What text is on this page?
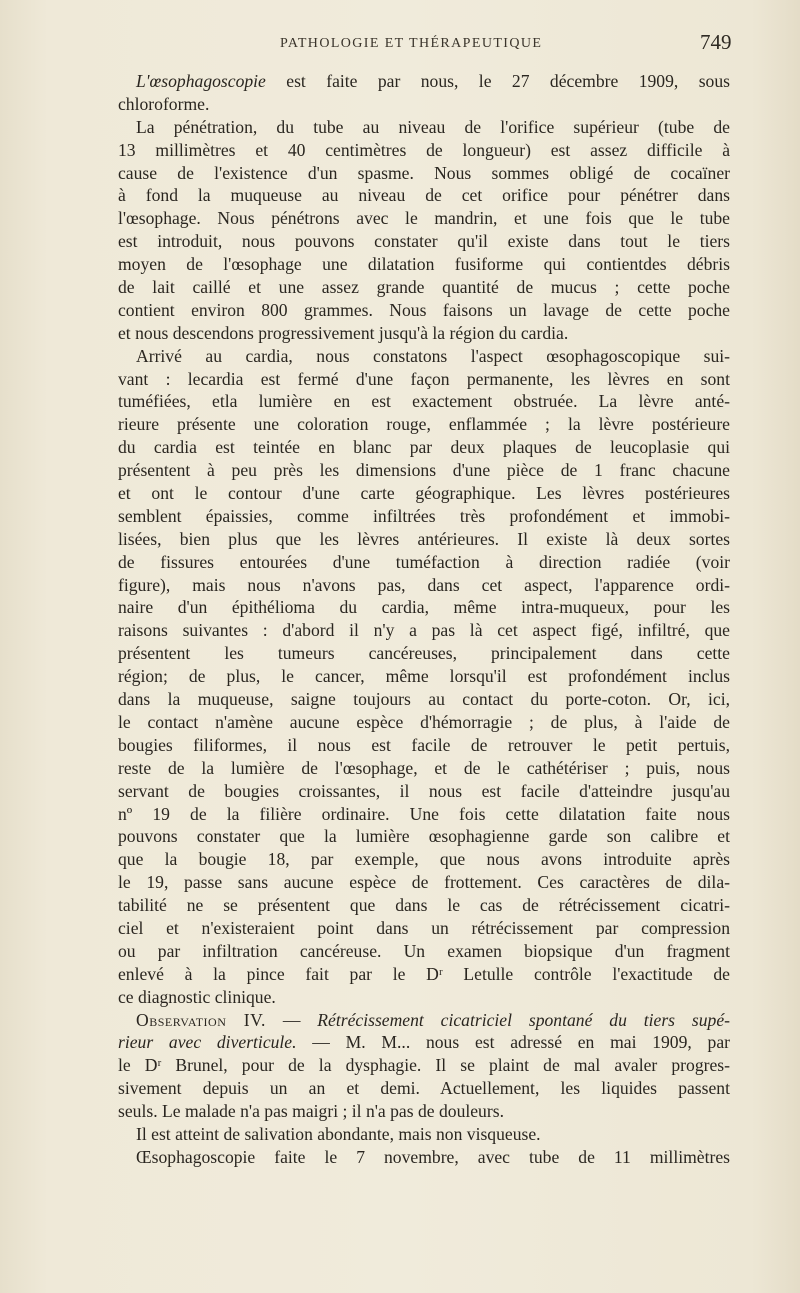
PATHOLOGIE ET THÉRAPEUTIQUE	749
L'œsophagoscopie est faite par nous, le 27 décembre 1909, sous
chloroforme.
La pénétration, du tube au niveau de l'orifice supérieur (tube de
13 millimètres et 40 centimètres de longueur) est assez difficile à
cause de l'existence d'un spasme. Nous sommes obligé de cocaïner
à fond la muqueuse au niveau de cet orifice pour pénétrer dans
l'œsophage. Nous pénétrons avec le mandrin, et une fois que le tube
est introduit, nous pouvons constater qu'il existe dans tout le tiers
moyen de l'œsophage une dilatation fusiforme qui contientdes débris
de lait caillé et une assez grande quantité de mucus ; cette poche
contient environ 800 grammes. Nous faisons un lavage de cette poche
et nous descendons progressivement jusqu'à la région du cardia.
Arrivé au cardia, nous constatons l'aspect œsophagoscopique sui-
vant : lecardia est fermé d'une façon permanente, les lèvres en sont
tuméfiées, etla lumière en est exactement obstruée. La lèvre anté-
rieure présente une coloration rouge, enflammée ; la lèvre postérieure
du cardia est teintée en blanc par deux plaques de leucoplasie qui
présentent à peu près les dimensions d'une pièce de 1 franc chacune
et ont le contour d'une carte géographique. Les lèvres postérieures
semblent épaissies, comme infiltrées très profondément et immobi-
lisées, bien plus que les lèvres antérieures. Il existe là deux sortes
de fissures entourées d'une tuméfaction à direction radiée (voir
figure), mais nous n'avons pas, dans cet aspect, l'apparence ordi-
naire d'un épithélioma du cardia, même intra-muqueux, pour les
raisons suivantes : d'abord il n'y a pas là cet aspect figé, infiltré, que
présentent les tumeurs cancéreuses, principalement dans cette
région; de plus, le cancer, même lorsqu'il est profondément inclus
dans la muqueuse, saigne toujours au contact du porte-coton. Or, ici,
le contact n'amène aucune espèce d'hémorragie ; de plus, à l'aide de
bougies filiformes, il nous est facile de retrouver le petit pertuis,
reste de la lumière de l'œsophage, et de le cathétériser ; puis, nous
servant de bougies croissantes, il nous est facile d'atteindre jusqu'au
nº 19 de la filière ordinaire. Une fois cette dilatation faite nous
pouvons constater que la lumière œsophagienne garde son calibre et
que la bougie 18, par exemple, que nous avons introduite après
le 19, passe sans aucune espèce de frottement. Ces caractères de dila-
tabilité ne se présentent que dans le cas de rétrécissement cicatri-
ciel et n'existeraient point dans un rétrécissement par compression
ou par infiltration cancéreuse. Un examen biopsique d'un fragment
enlevé à la pince fait par le Dʳ Letulle contrôle l'exactitude de
ce diagnostic clinique.
Observation IV. — Rétrécissement cicatriciel spontané du tiers supé-
rieur avec diverticule. — M. M... nous est adressé en mai 1909, par
le Dʳ Brunel, pour de la dysphagie. Il se plaint de mal avaler progres-
sivement depuis un an et demi. Actuellement, les liquides passent
seuls. Le malade n'a pas maigri ; il n'a pas de douleurs.
Il est atteint de salivation abondante, mais non visqueuse.
Œsophagoscopie faite le 7 novembre, avec tube de 11 millimètres
